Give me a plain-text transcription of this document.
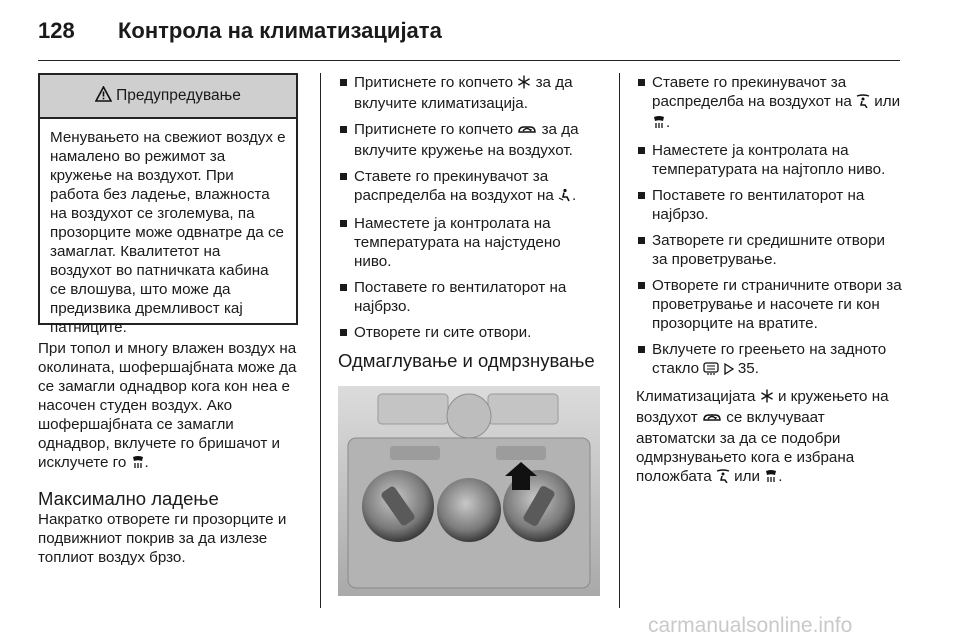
128 Контрола на климатизацијата
Предупредување
Менувањето на свежиот воздух е намалено во режимот за кружење на воздухот. При работа без ладење, влажноста на воздухот се зголемува, па прозорците може одвнатре да се замаглат. Квалитетот на воздухот во патничката кабина се влошува, што може да предизвика дремливост кај патниците.

При топол и многу влажен воздух на околината, шофершајбната може да се замагли однадвор кога кон неа е насочен студен воздух. Ако шофершајбната се замагли однадвор, вклучете го бришачот и исклучете го .

Максимално ладење

Накратко отворете ги прозорците и подвижниот покрив за да излезе топлиот воздух брзо.

Притиснете го копчето за да вклучите климатизација.
Притиснете го копчето за да вклучите кружење на воздухот.
Ставете го прекинувачот за распределба на воздухот на .
Наместете ја контролата на температурата на најстудено ниво.
Поставете го вентилаторот на најбрзо.
Отворете ги сите отвори.
Одмаглување и одмрзнување
Ставете го прекинувачот за распределба на воздухот на или .
Наместете ја контролата на температурата на најтопло ниво.
Поставете го вентилаторот на најбрзо.
Затворете ги средишните отвори за проветрување.
Отворете ги страничните отвори за проветрување и насочете ги кон прозорците на вратите.
Вклучете го греењето на задното стакло	35.

Климатизацијата и кружењето на воздухот се вклучуваат автоматски за да се подобри одмрзнувањето кога е избрана положбата или .

carmanualsonline.info
